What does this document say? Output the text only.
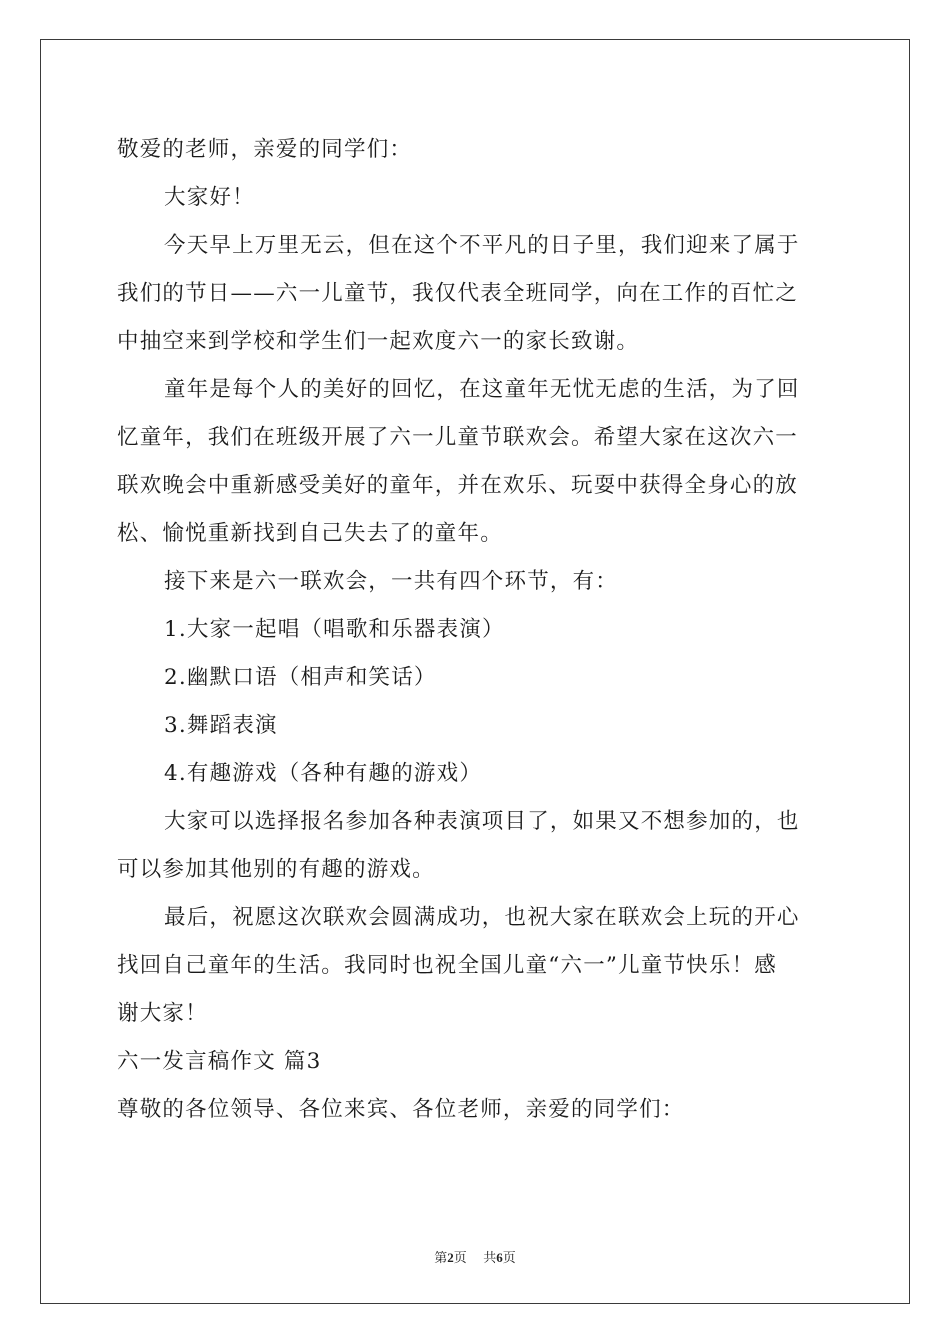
敬爱的老师，亲爱的同学们：
大家好！
今天早上万里无云，但在这个不平凡的日子里，我们迎来了属于
我们的节日——六一儿童节，我仅代表全班同学，向在工作的百忙之
中抽空来到学校和学生们一起欢度六一的家长致谢。
童年是每个人的美好的回忆，在这童年无忧无虑的生活，为了回
忆童年，我们在班级开展了六一儿童节联欢会。希望大家在这次六一
联欢晚会中重新感受美好的童年，并在欢乐、玩耍中获得全身心的放
松、愉悦重新找到自己失去了的童年。
接下来是六一联欢会，一共有四个环节，有：
1.大家一起唱（唱歌和乐器表演）
2.幽默口语（相声和笑话）
3.舞蹈表演
4.有趣游戏（各种有趣的游戏）
大家可以选择报名参加各种表演项目了，如果又不想参加的，也
可以参加其他别的有趣的游戏。
最后，祝愿这次联欢会圆满成功，也祝大家在联欢会上玩的开心
找回自己童年的生活。我同时也祝全国儿童“六一”儿童节快乐！感
谢大家！
六一发言稿作文 篇3
尊敬的各位领导、各位来宾、各位老师，亲爱的同学们：
第2页 共6页
